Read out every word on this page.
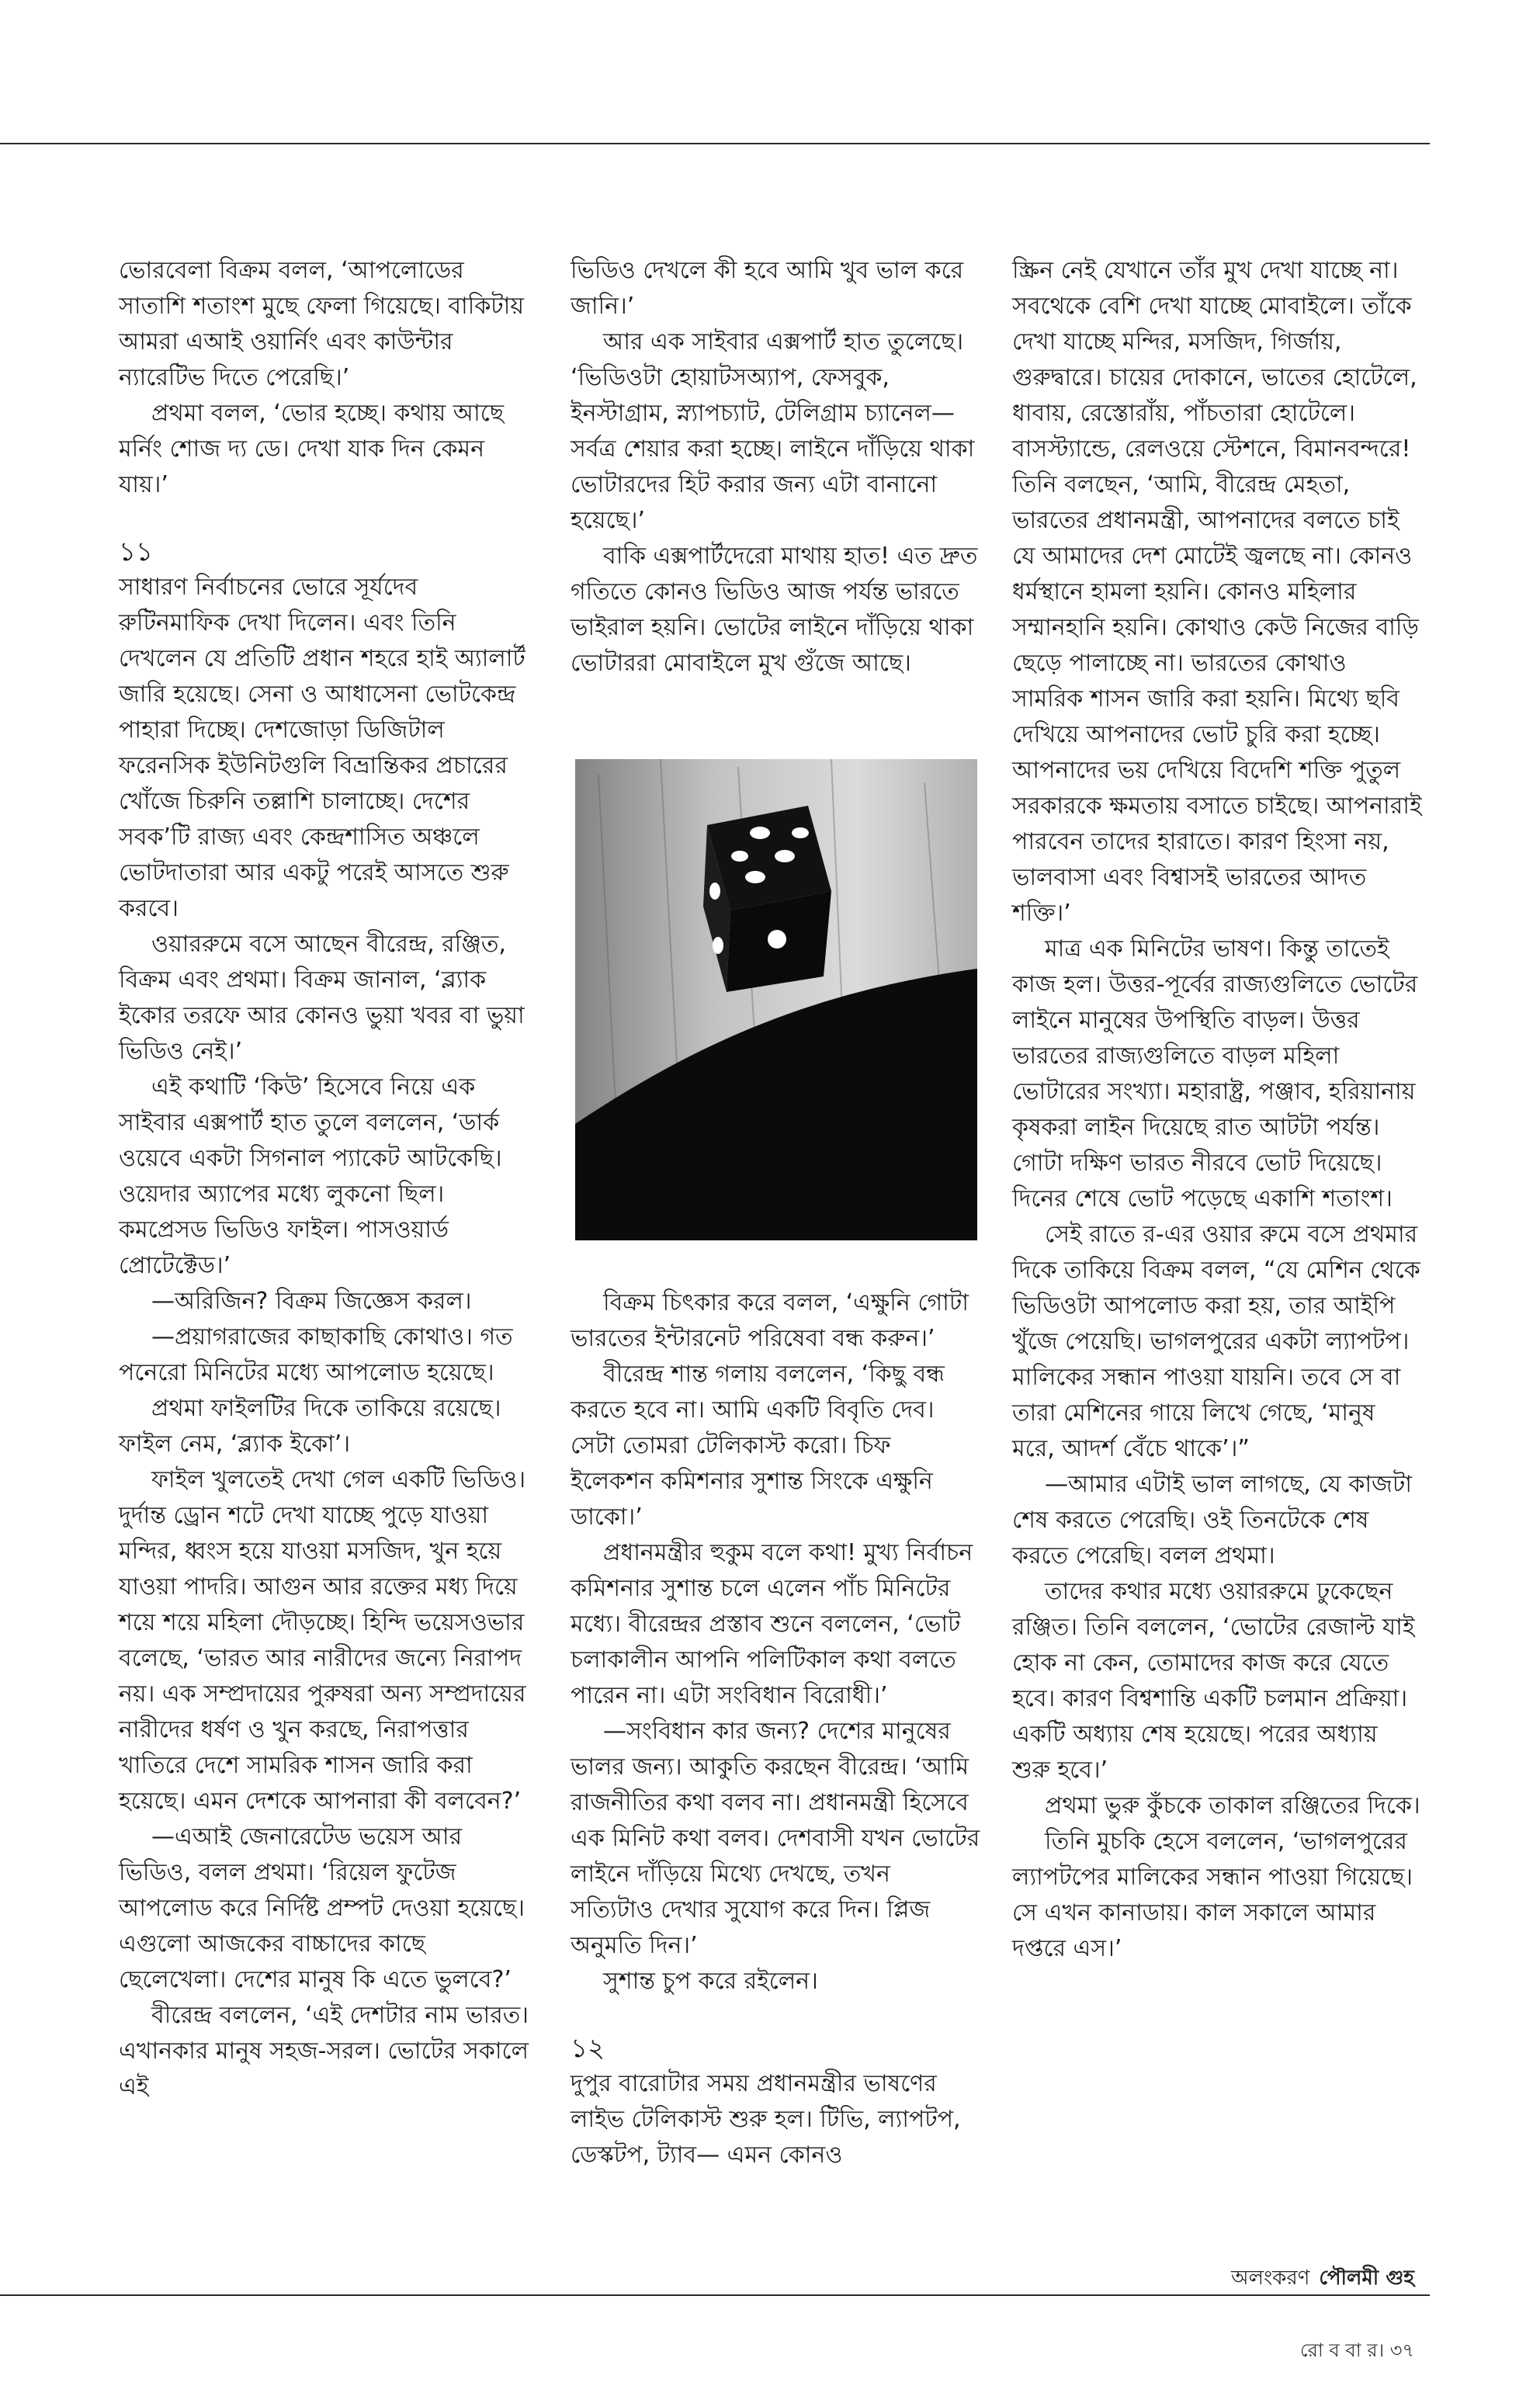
ভোরবেলা বিক্রম বলল, ‘আপলোডের সাতাশি শতাংশ মুছে ফেলা গিয়েছে। বাকিটায় আমরা এআই ওয়ার্নিং এবং কাউন্টার ন্যারেটিভ দিতে পেরেছি।’

প্রথমা বলল, ‘ভোর হচ্ছে। কথায় আছে মর্নিং শোজ দ্য ডে। দেখা যাক দিন কেমন যায়।’

১১

সাধারণ নির্বাচনের ভোরে সূর্যদেব রুটিনমাফিক দেখা দিলেন। এবং তিনি দেখলেন যে প্রতিটি প্রধান শহরে হাই অ্যালার্ট জারি হয়েছে। সেনা ও আধাসেনা ভোটকেন্দ্র পাহারা দিচ্ছে। দেশজোড়া ডিজিটাল ফরেনসিক ইউনিটগুলি বিভ্রান্তিকর প্রচারের খোঁজে চিরুনি তল্লাশি চালাচ্ছে। দেশের সবক’টি রাজ্য এবং কেন্দ্রশাসিত অঞ্চলে ভোটদাতারা আর একটু পরেই আসতে শুরু করবে।

ওয়াররুমে বসে আছেন বীরেন্দ্র, রঞ্জিত, বিক্রম এবং প্রথমা। বিক্রম জানাল, ‘ব্ল্যাক ইকোর তরফে আর কোনও ভুয়া খবর বা ভুয়া ভিডিও নেই।’

এই কথাটি ‘কিউ’ হিসেবে নিয়ে এক সাইবার এক্সপার্ট হাত তুলে বললেন, ‘ডার্ক ওয়েবে একটা সিগনাল প্যাকেট আটকেছি। ওয়েদার অ্যাপের মধ্যে লুকনো ছিল। কমপ্রেসড ভিডিও ফাইল। পাসওয়ার্ড প্রোটেক্টেড।’

—অরিজিন? বিক্রম জিজ্ঞেস করল।

—প্রয়াগরাজের কাছাকাছি কোথাও। গত পনেরো মিনিটের মধ্যে আপলোড হয়েছে।

প্রথমা ফাইলটির দিকে তাকিয়ে রয়েছে। ফাইল নেম, ‘ব্ল্যাক ইকো’।

ফাইল খুলতেই দেখা গেল একটি ভিডিও। দুর্দান্ত ড্রোন শটে দেখা যাচ্ছে পুড়ে যাওয়া মন্দির, ধ্বংস হয়ে যাওয়া মসজিদ, খুন হয়ে যাওয়া পাদরি। আগুন আর রক্তের মধ্য দিয়ে শয়ে শয়ে মহিলা দৌড়চ্ছে। হিন্দি ভয়েসওভার বলেছে, ‘ভারত আর নারীদের জন্যে নিরাপদ নয়। এক সম্প্রদায়ের পুরুষরা অন্য সম্প্রদায়ের নারীদের ধর্ষণ ও খুন করছে, নিরাপত্তার খাতিরে দেশে সামরিক শাসন জারি করা হয়েছে। এমন দেশকে আপনারা কী বলবেন?’

—এআই জেনারেটেড ভয়েস আর ভিডিও, বলল প্রথমা। ‘রিয়েল ফুটেজ আপলোড করে নির্দিষ্ট প্রম্পট দেওয়া হয়েছে। এগুলো আজকের বাচ্চাদের কাছে ছেলেখেলা। দেশের মানুষ কি এতে ভুলবে?’

বীরেন্দ্র বললেন, ‘এই দেশটার নাম ভারত। এখানকার মানুষ সহজ-সরল। ভোটের সকালে এই

ভিডিও দেখলে কী হবে আমি খুব ভাল করে জানি।’

আর এক সাইবার এক্সপার্ট হাত তুলেছে। ‘ভিডিওটা হোয়াটসঅ্যাপ, ফেসবুক, ইনস্টাগ্রাম, স্ন্যাপচ্যাট, টেলিগ্রাম চ্যানেল— সর্বত্র শেয়ার করা হচ্ছে। লাইনে দাঁড়িয়ে থাকা ভোটারদের হিট করার জন্য এটা বানানো হয়েছে।’

বাকি এক্সপার্টদেরো মাথায় হাত! এত দ্রুত গতিতে কোনও ভিডিও আজ পর্যন্ত ভারতে ভাইরাল হয়নি। ভোটের লাইনে দাঁড়িয়ে থাকা ভোটাররা মোবাইলে মুখ গুঁজে আছে।

বিক্রম চিৎকার করে বলল, ‘এক্ষুনি গোটা ভারতের ইন্টারনেট পরিষেবা বন্ধ করুন।’

বীরেন্দ্র শান্ত গলায় বললেন, ‘কিছু বন্ধ করতে হবে না। আমি একটি বিবৃতি দেব। সেটা তোমরা টেলিকাস্ট করো। চিফ ইলেকশন কমিশনার সুশান্ত সিংকে এক্ষুনি ডাকো।’

প্রধানমন্ত্রীর হুকুম বলে কথা! মুখ্য নির্বাচন কমিশনার সুশান্ত চলে এলেন পাঁচ মিনিটের মধ্যে। বীরেন্দ্রর প্রস্তাব শুনে বললেন, ‘ভোট চলাকালীন আপনি পলিটিকাল কথা বলতে পারেন না। এটা সংবিধান বিরোধী।’

—সংবিধান কার জন্য? দেশের মানুষের ভালর জন্য। আকুতি করছেন বীরেন্দ্র। ‘আমি রাজনীতির কথা বলব না। প্রধানমন্ত্রী হিসেবে এক মিনিট কথা বলব। দেশবাসী যখন ভোটের লাইনে দাঁড়িয়ে মিথ্যে দেখছে, তখন সত্যিটাও দেখার সুযোগ করে দিন। প্লিজ অনুমতি দিন।’

সুশান্ত চুপ করে রইলেন।

১২

দুপুর বারোটার সময় প্রধানমন্ত্রীর ভাষণের লাইভ টেলিকাস্ট শুরু হল। টিভি, ল্যাপটপ, ডেস্কটপ, ট্যাব— এমন কোনও

স্ক্রিন নেই যেখানে তাঁর মুখ দেখা যাচ্ছে না। সবথেকে বেশি দেখা যাচ্ছে মোবাইলে। তাঁকে দেখা যাচ্ছে মন্দির, মসজিদ, গির্জায়, গুরুদ্বারে। চায়ের দোকানে, ভাতের হোটেলে, ধাবায়, রেস্তোরাঁয়, পাঁচতারা হোটেলে। বাসস্ট্যান্ডে, রেলওয়ে স্টেশনে, বিমানবন্দরে! তিনি বলছেন, ‘আমি, বীরেন্দ্র মেহতা, ভারতের প্রধানমন্ত্রী, আপনাদের বলতে চাই যে আমাদের দেশ মোটেই জ্বলছে না। কোনও ধর্মস্থানে হামলা হয়নি। কোনও মহিলার সম্মানহানি হয়নি। কোথাও কেউ নিজের বাড়ি ছেড়ে পালাচ্ছে না। ভারতের কোথাও সামরিক শাসন জারি করা হয়নি। মিথ্যে ছবি দেখিয়ে আপনাদের ভোট চুরি করা হচ্ছে। আপনাদের ভয় দেখিয়ে বিদেশি শক্তি পুতুল সরকারকে ক্ষমতায় বসাতে চাইছে। আপনারাই পারবেন তাদের হারাতে। কারণ হিংসা নয়, ভালবাসা এবং বিশ্বাসই ভারতের আদত শক্তি।’

মাত্র এক মিনিটের ভাষণ। কিন্তু তাতেই কাজ হল। উত্তর-পূর্বের রাজ্যগুলিতে ভোটের লাইনে মানুষের উপস্থিতি বাড়ল। উত্তর ভারতের রাজ্যগুলিতে বাড়ল মহিলা ভোটারের সংখ্যা। মহারাষ্ট্র, পঞ্জাব, হরিয়ানায় কৃষকরা লাইন দিয়েছে রাত আটটা পর্যন্ত। গোটা দক্ষিণ ভারত নীরবে ভোট দিয়েছে। দিনের শেষে ভোট পড়েছে একাশি শতাংশ।

সেই রাতে র-এর ওয়ার রুমে বসে প্রথমার দিকে তাকিয়ে বিক্রম বলল, “যে মেশিন থেকে ভিডিওটা আপলোড করা হয়, তার আইপি খুঁজে পেয়েছি। ভাগলপুরের একটা ল্যাপটপ। মালিকের সন্ধান পাওয়া যায়নি। তবে সে বা তারা মেশিনের গায়ে লিখে গেছে, ‘মানুষ মরে, আদর্শ বেঁচে থাকে’।”

—আমার এটাই ভাল লাগছে, যে কাজটা শেষ করতে পেরেছি। ওই তিনটেকে শেষ করতে পেরেছি। বলল প্রথমা।

তাদের কথার মধ্যে ওয়াররুমে ঢুকেছেন রঞ্জিত। তিনি বললেন, ‘ভোটের রেজাল্ট যাই হোক না কেন, তোমাদের কাজ করে যেতে হবে। কারণ বিশ্বশান্তি একটি চলমান প্রক্রিয়া। একটি অধ্যায় শেষ হয়েছে। পরের অধ্যায় শুরু হবে।’

প্রথমা ভুরু কুঁচকে তাকাল রঞ্জিতের দিকে।

তিনি মুচকি হেসে বললেন, ‘ভাগলপুরের ল্যাপটপের মালিকের সন্ধান পাওয়া গিয়েছে। সে এখন কানাডায়। কাল সকালে আমার দপ্তরে এস।’

অলংকরণ পৌলমী গুহ
রো ব বা র। ৩৭
